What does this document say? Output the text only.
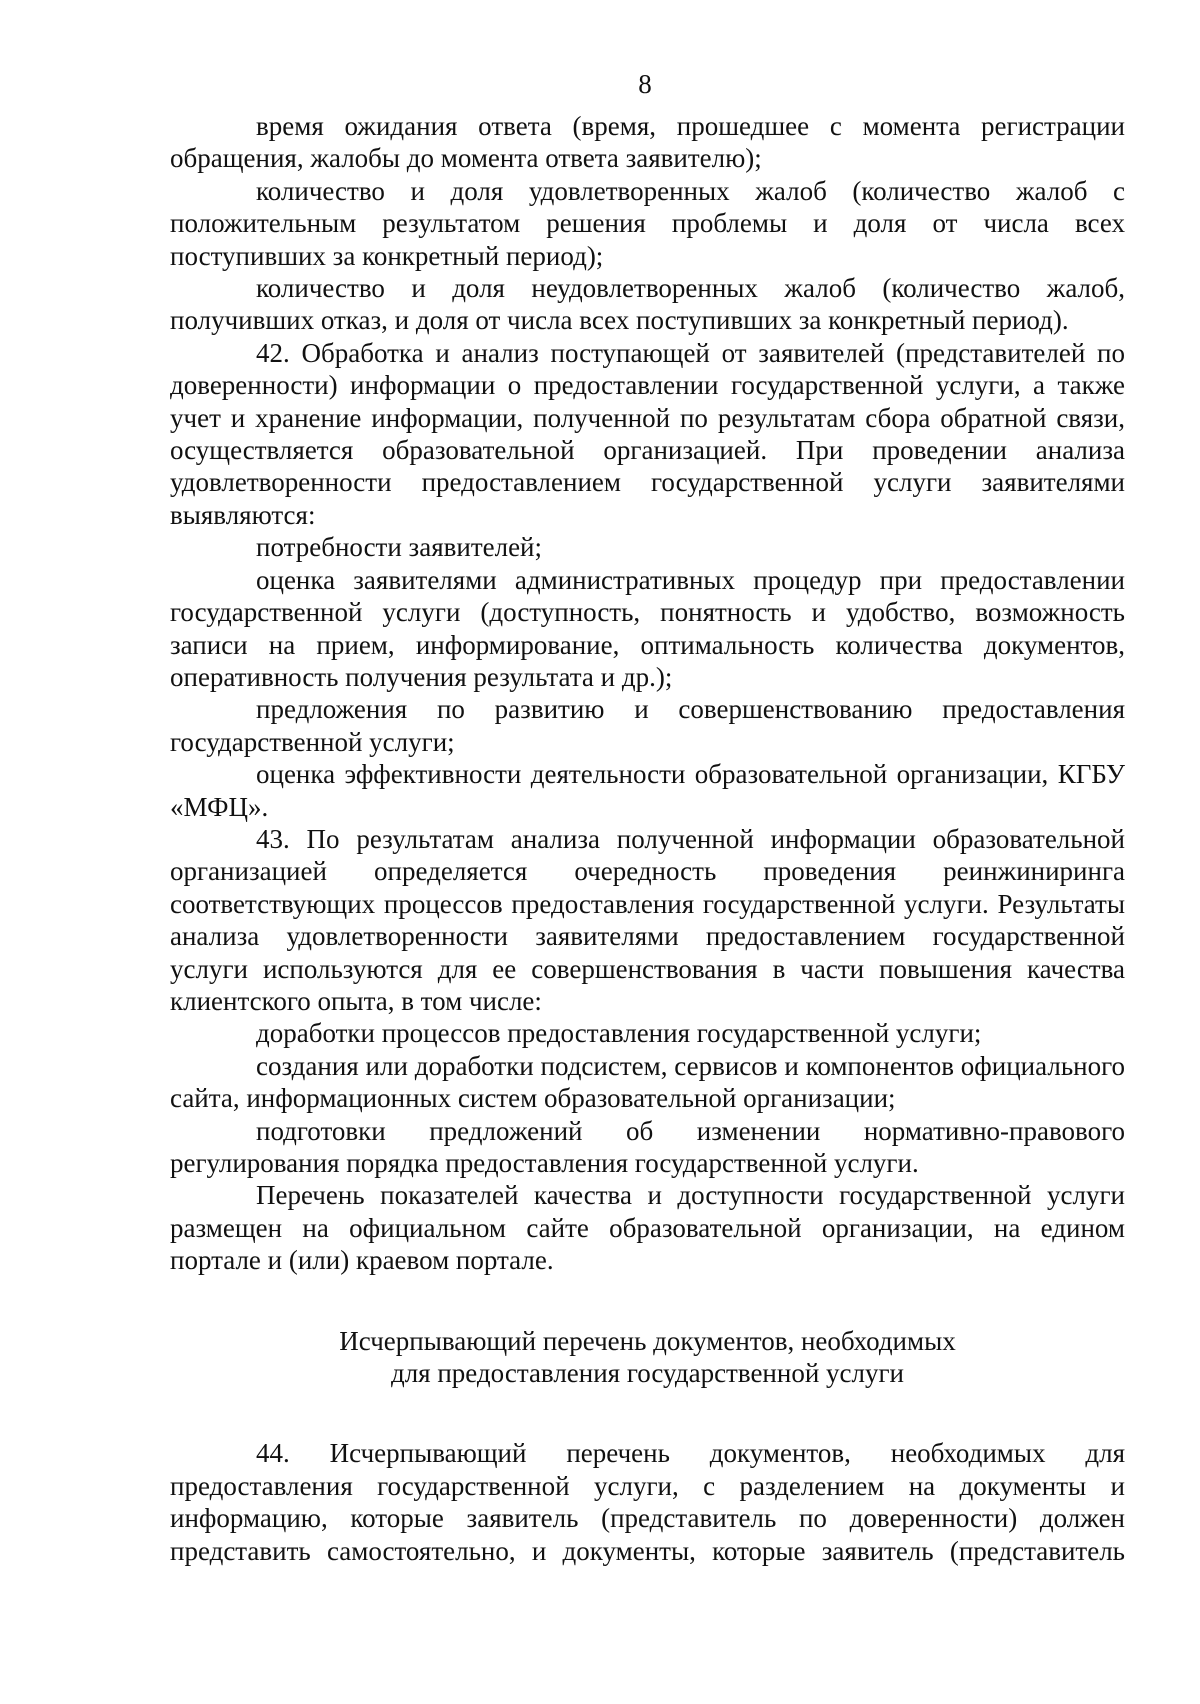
8

время ожидания ответа (время, прошедшее с момента регистрации обращения, жалобы до момента ответа заявителю);

количество и доля удовлетворенных жалоб (количество жалоб с положительным результатом решения проблемы и доля от числа всех поступивших за конкретный период);

количество и доля неудовлетворенных жалоб (количество жалоб, получивших отказ, и доля от числа всех поступивших за конкретный период).

42. Обработка и анализ поступающей от заявителей (представителей по доверенности) информации о предоставлении государственной услуги, а также учет и хранение информации, полученной по результатам сбора обратной связи, осуществляется образовательной организацией. При проведении анализа удовлетворенности предоставлением государственной услуги заявителями выявляются:

потребности заявителей;

оценка заявителями административных процедур при предоставлении государственной услуги (доступность, понятность и удобство, возможность записи на прием, информирование, оптимальность количества документов, оперативность получения результата и др.);

предложения по развитию и совершенствованию предоставления государственной услуги;

оценка эффективности деятельности образовательной организации, КГБУ «МФЦ».

43. По результатам анализа полученной информации образовательной организацией определяется очередность проведения реинжиниринга соответствующих процессов предоставления государственной услуги. Результаты анализа удовлетворенности заявителями предоставлением государственной услуги используются для ее совершенствования в части повышения качества клиентского опыта, в том числе:

доработки процессов предоставления государственной услуги;

создания или доработки подсистем, сервисов и компонентов официального сайта, информационных систем образовательной организации;

подготовки предложений об изменении нормативно-правового регулирования порядка предоставления государственной услуги.

Перечень показателей качества и доступности государственной услуги размещен на официальном сайте образовательной организации, на едином портале и (или) краевом портале.

Исчерпывающий перечень документов, необходимых
для предоставления государственной услуги

44. Исчерпывающий перечень документов, необходимых для предоставления государственной услуги, с разделением на документы и информацию, которые заявитель (представитель по доверенности) должен представить самостоятельно, и документы, которые заявитель (представитель
